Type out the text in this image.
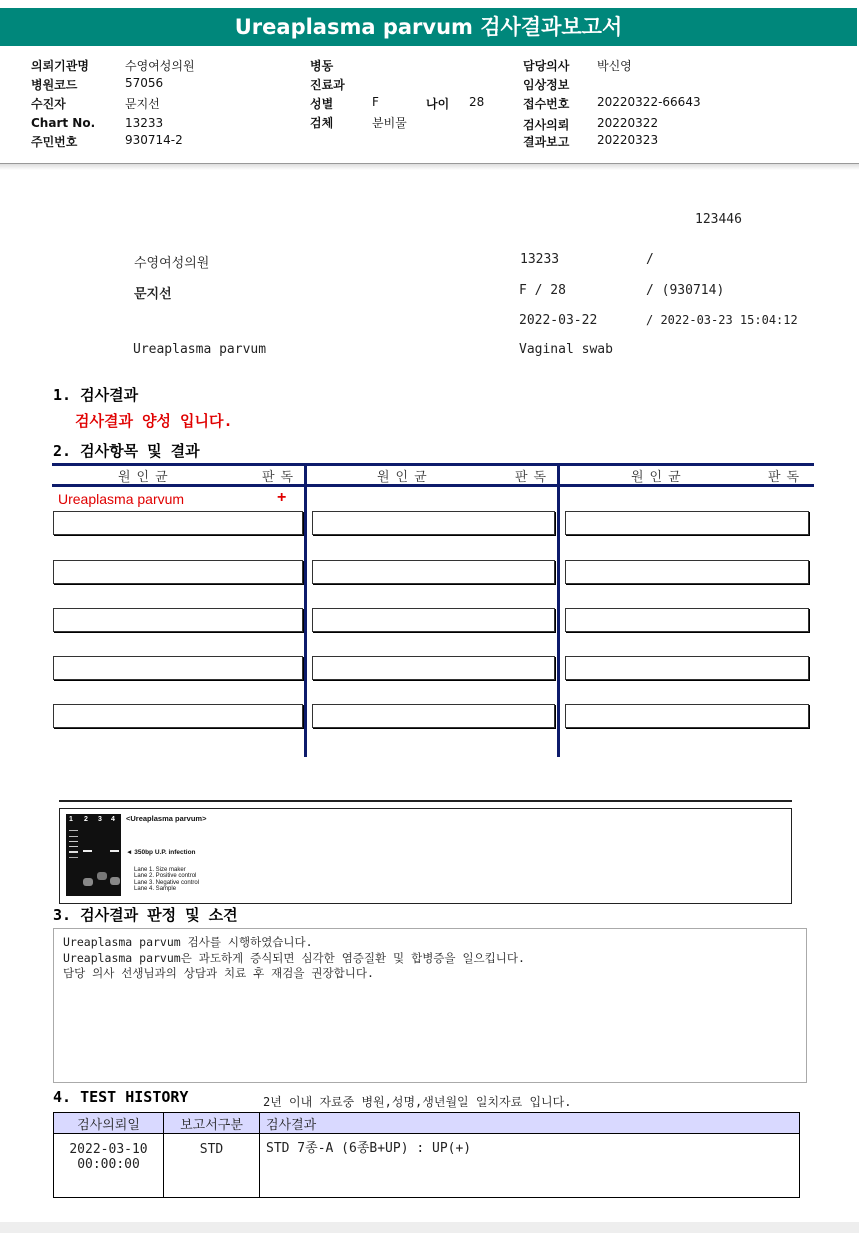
Ureaplasma parvum 검사결과보고서
의뢰기관명	수영여성의원
병원코드	57056
수진자	문지선
Chart No. 13233
주민번호	930714-2
병동
진료과
성별	F	나이 28
검체	분비물
담당의사 박신영
임상정보
접수번호 20220322-66643
검사의뢰 20220322
결과보고 20220323
123446
수영여성의원	13233	/
문지선	F / 28	/ (930714)
2022-03-22	/ 2022-03-23 15:04:12
Ureaplasma parvum	Vaginal swab
1. 검사결과
검사결과 양성 입니다.
2. 검사항목 및 결과
원인균	판독	원인균	판독	원인균	판독
Ureaplasma parvum	+
1 2 3 4 <Ureaplasma parvum>
◄ 350bp U.P. infection
Lane 1. Size maker
Lane 2. Positive control
Lane 3. Negative control
Lane 4. Sample
3. 검사결과 판정 및 소견
Ureaplasma parvum 검사를 시행하였습니다.
Ureaplasma parvum은 과도하게 증식되면 심각한 염증질환 및 합병증을 일으킵니다.
담당 의사 선생님과의 상담과 치료 후 재검을 권장합니다.
4. TEST HISTORY	2년 이내 자료중 병원,성명,생년월일 일치자료 입니다.
검사의뢰일	보고서구분	검사결과

2022-03-10
00:00:00	STD	STD 7종-A (6종B+UP) : UP(+)
